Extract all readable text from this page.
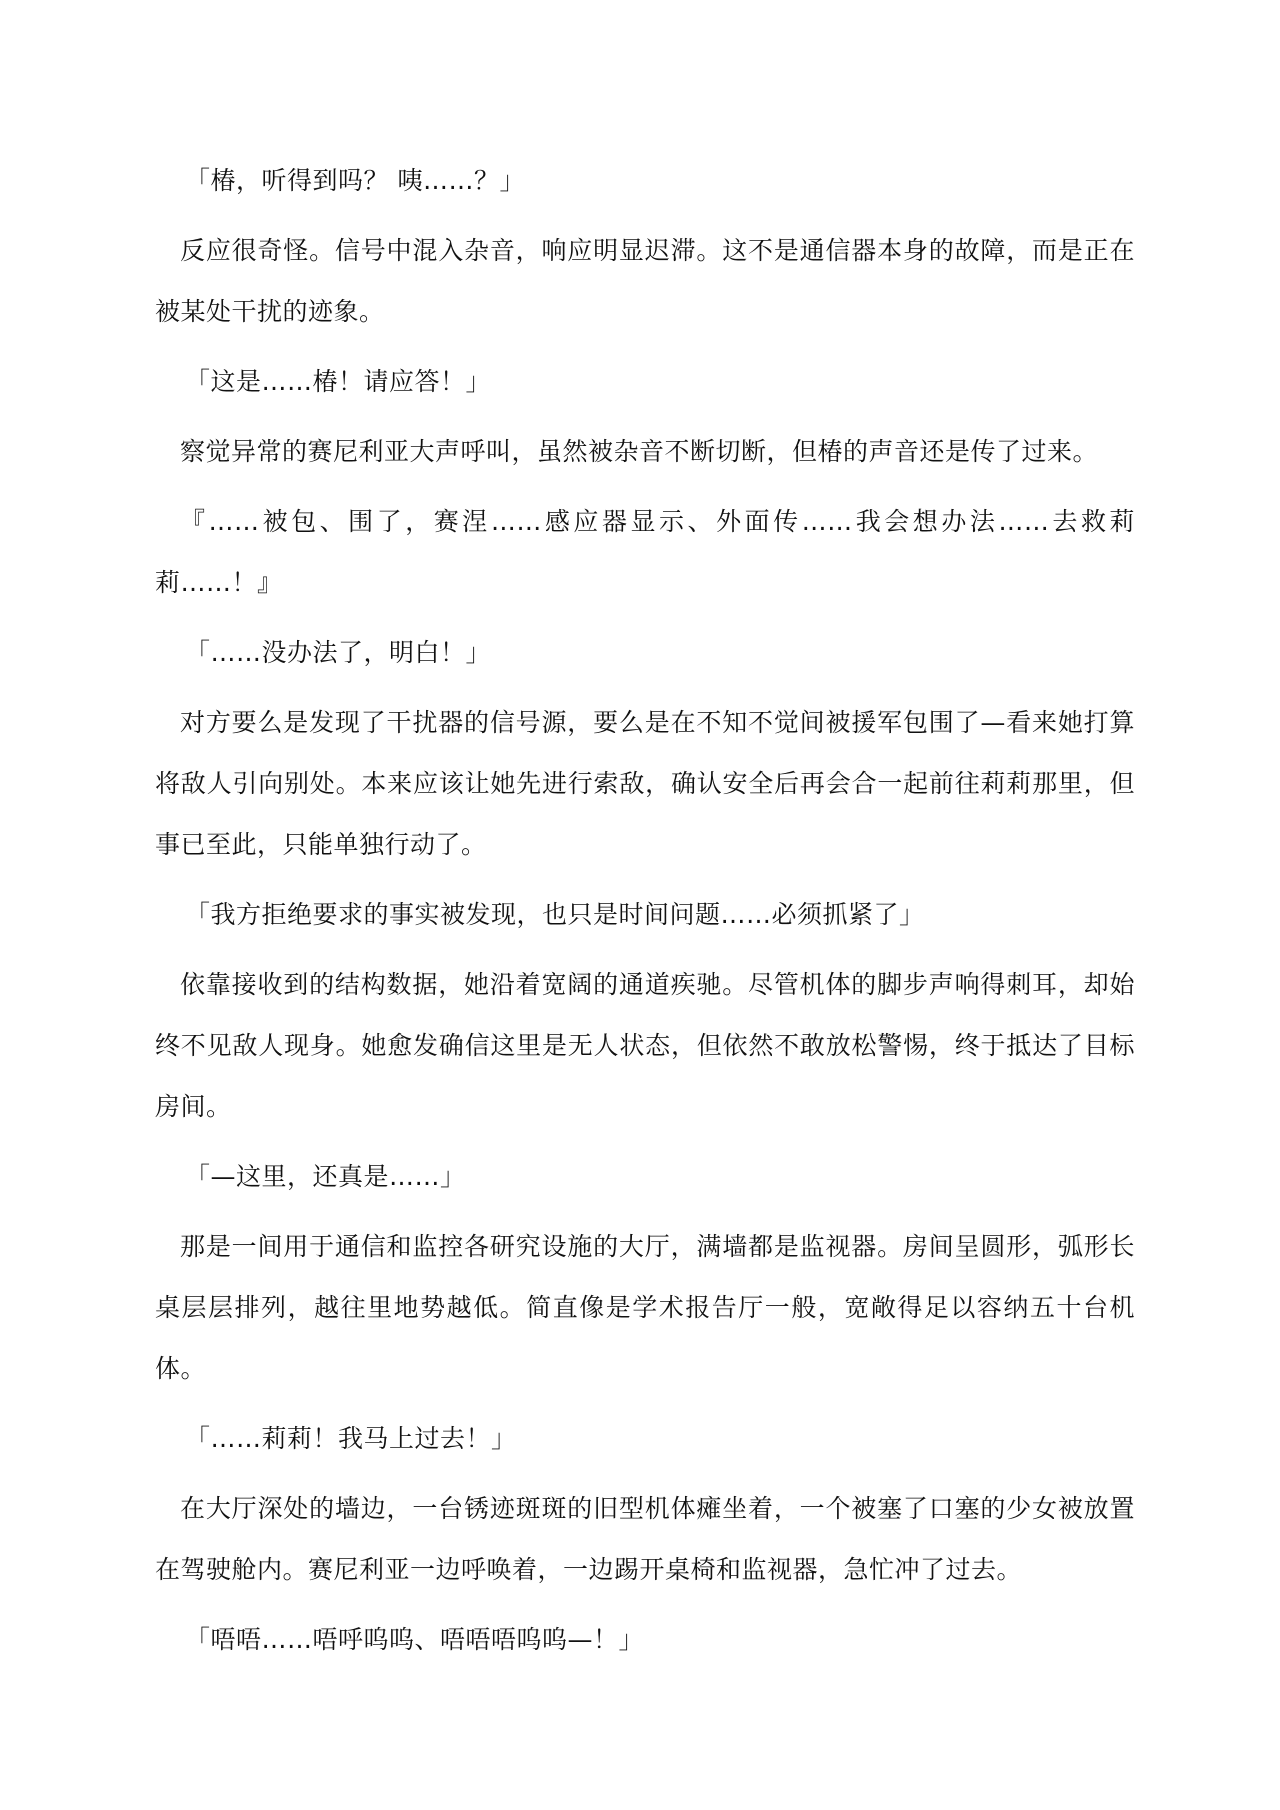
「椿，听得到吗？ 咦……？」

反应很奇怪。信号中混入杂音，响应明显迟滞。这不是通信器本身的故障，而是正在被某处干扰的迹象。

「这是……椿！请应答！」

察觉异常的赛尼利亚大声呼叫，虽然被杂音不断切断，但椿的声音还是传了过来。

『……被包、围了，赛涅……感应器显示、外面传……我会想办法……去救莉莉……！』

「……没办法了，明白！」

对方要么是发现了干扰器的信号源，要么是在不知不觉间被援军包围了—看来她打算将敌人引向别处。本来应该让她先进行索敌，确认安全后再会合一起前往莉莉那里，但事已至此，只能单独行动了。

「我方拒绝要求的事实被发现，也只是时间问题……必须抓紧了」

依靠接收到的结构数据，她沿着宽阔的通道疾驰。尽管机体的脚步声响得刺耳，却始终不见敌人现身。她愈发确信这里是无人状态，但依然不敢放松警惕，终于抵达了目标房间。

「—这里，还真是……」

那是一间用于通信和监控各研究设施的大厅，满墙都是监视器。房间呈圆形，弧形长桌层层排列，越往里地势越低。简直像是学术报告厅一般，宽敞得足以容纳五十台机体。

「……莉莉！我马上过去！」

在大厅深处的墙边，一台锈迹斑斑的旧型机体瘫坐着，一个被塞了口塞的少女被放置在驾驶舱内。赛尼利亚一边呼唤着，一边踢开桌椅和监视器，急忙冲了过去。

「唔唔……唔呼呜呜、唔唔唔呜呜—！」
